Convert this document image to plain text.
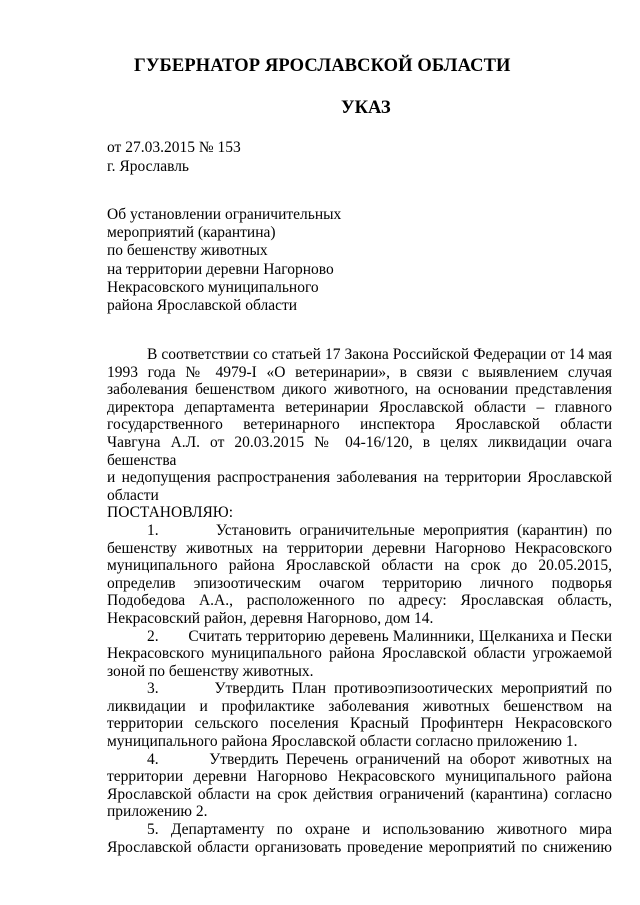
ГУБЕРНАТОР ЯРОСЛАВСКОЙ ОБЛАСТИ
УКАЗ
от 27.03.2015 № 153
г. Ярославль
Об установлении ограничительных
мероприятий (карантина)
по бешенству животных
на территории деревни Нагорново
Некрасовского муниципального
района Ярославской области

В соответствии со статьей 17 Закона Российской Федерации от 14 мая

1993 года № 4979-I «О ветеринарии», в связи с выявлением случая

заболевания бешенством дикого животного, на основании представления

директора департамента ветеринарии Ярославской области – главного

государственного ветеринарного инспектора Ярославской области

Чавгуна А.Л. от 20.03.2015 № 04-16/120, в целях ликвидации очага бешенства

и недопущения распространения заболевания на территории Ярославской

области

ПОСТАНОВЛЯЮ:

1.       Установить ограничительные мероприятия (карантин) по

бешенству животных на территории деревни Нагорново Некрасовского

муниципального района Ярославской области на срок до 20.05.2015,

определив эпизоотическим очагом территорию личного подворья

Подобедова А.А., расположенного по адресу: Ярославская область,

Некрасовский район, деревня Нагорново, дом 14.

2.       Считать территорию деревень Малинники, Щелканиха и Пески

Некрасовского муниципального района Ярославской области угрожаемой

зоной по бешенству животных.

3.       Утвердить План противоэпизоотических мероприятий по

ликвидации и профилактике заболевания животных бешенством на

территории сельского поселения Красный Профинтерн Некрасовского

муниципального района Ярославской области согласно приложению 1.

4.       Утвердить Перечень ограничений на оборот животных на

территории деревни Нагорново Некрасовского муниципального района

Ярославской области на срок действия ограничений (карантина) согласно

приложению 2.

5. Департаменту по охране и использованию животного мира

Ярославской области организовать проведение мероприятий по снижению
